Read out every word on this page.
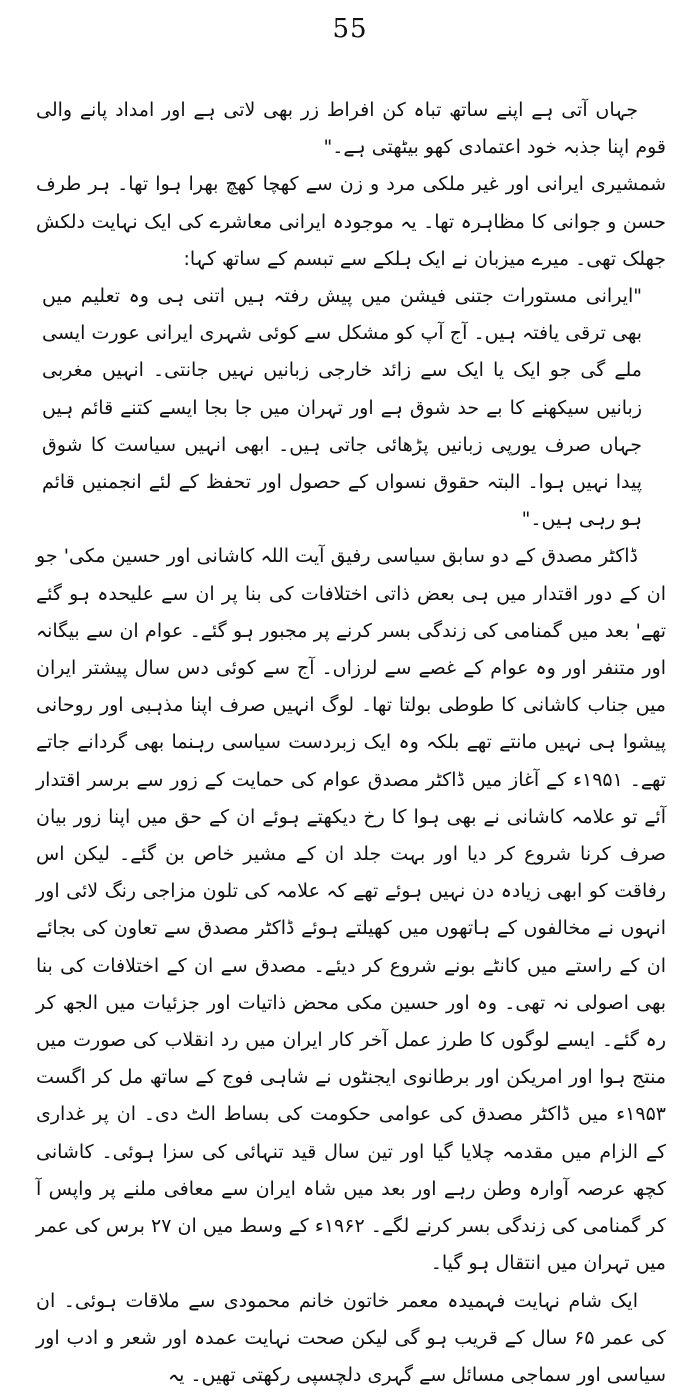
55

جہاں آتی ہے اپنے ساتھ تباہ کن افراط زر بھی لاتی ہے اور امداد پانے والی قوم اپنا جذبہ خود اعتمادی کھو بیٹھتی ہے۔"

شمشیری ایرانی اور غیر ملکی مرد و زن سے کھچا کھچ بھرا ہوا تھا۔ ہر طرف حسن و جوانی کا مظاہرہ تھا۔ یہ موجودہ ایرانی معاشرے کی ایک نہایت دلکش جھلک تھی۔ میرے میزبان نے ایک ہلکے سے تبسم کے ساتھ کہا:

"ایرانی مستورات جتنی فیشن میں پیش رفتہ ہیں اتنی ہی وہ تعلیم میں بھی ترقی یافتہ ہیں۔ آج آپ کو مشکل سے کوئی شہری ایرانی عورت ایسی ملے گی جو ایک یا ایک سے زائد خارجی زبانیں نہیں جانتی۔ انہیں مغربی زبانیں سیکھنے کا بے حد شوق ہے اور تہران میں جا بجا ایسے کتنے قائم ہیں جہاں صرف یورپی زبانیں پڑھائی جاتی ہیں۔ ابھی انہیں سیاست کا شوق پیدا نہیں ہوا۔ البتہ حقوق نسواں کے حصول اور تحفظ کے لئے انجمنیں قائم ہو رہی ہیں۔"

ڈاکٹر مصدق کے دو سابق سیاسی رفیق آیت اللہ کاشانی اور حسین مکی' جو ان کے دور اقتدار میں ہی بعض ذاتی اختلافات کی بنا پر ان سے علیحدہ ہو گئے تھے' بعد میں گمنامی کی زندگی بسر کرنے پر مجبور ہو گئے۔ عوام ان سے بیگانہ اور متنفر اور وہ عوام کے غصے سے لرزاں۔ آج سے کوئی دس سال پیشتر ایران میں جناب کاشانی کا طوطی بولتا تھا۔ لوگ انہیں صرف اپنا مذہبی اور روحانی پیشوا ہی نہیں مانتے تھے بلکہ وہ ایک زبردست سیاسی رہنما بھی گردانے جاتے تھے۔ ۱۹۵۱ء کے آغاز میں ڈاکٹر مصدق عوام کی حمایت کے زور سے برسر اقتدار آئے تو علامہ کاشانی نے بھی ہوا کا رخ دیکھتے ہوئے ان کے حق میں اپنا زور بیان صرف کرنا شروع کر دیا اور بہت جلد ان کے مشیر خاص بن گئے۔ لیکن اس رفاقت کو ابھی زیادہ دن نہیں ہوئے تھے کہ علامہ کی تلون مزاجی رنگ لائی اور انہوں نے مخالفوں کے ہاتھوں میں کھیلتے ہوئے ڈاکٹر مصدق سے تعاون کی بجائے ان کے راستے میں کانٹے بونے شروع کر دیئے۔ مصدق سے ان کے اختلافات کی بنا بھی اصولی نہ تھی۔ وہ اور حسین مکی محض ذاتیات اور جزئیات میں الجھ کر رہ گئے۔ ایسے لوگوں کا طرز عمل آخر کار ایران میں رد انقلاب کی صورت میں منتج ہوا اور امریکن اور برطانوی ایجنٹوں نے شاہی فوج کے ساتھ مل کر اگست ۱۹۵۳ء میں ڈاکٹر مصدق کی عوامی حکومت کی بساط الٹ دی۔ ان پر غداری کے الزام میں مقدمہ چلایا گیا اور تین سال قید تنہائی کی سزا ہوئی۔ کاشانی کچھ عرصہ آوارہ وطن رہے اور بعد میں شاہ ایران سے معافی ملنے پر واپس آ کر گمنامی کی زندگی بسر کرنے لگے۔ ۱۹۶۲ء کے وسط میں ان ۲۷ برس کی عمر میں تہران میں انتقال ہو گیا۔

ایک شام نہایت فہمیدہ معمر خاتون خانم محمودی سے ملاقات ہوئی۔ ان کی عمر ۶۵ سال کے قریب ہو گی لیکن صحت نہایت عمدہ اور شعر و ادب اور سیاسی اور سماجی مسائل سے گہری دلچسپی رکھتی تھیں۔ یہ
